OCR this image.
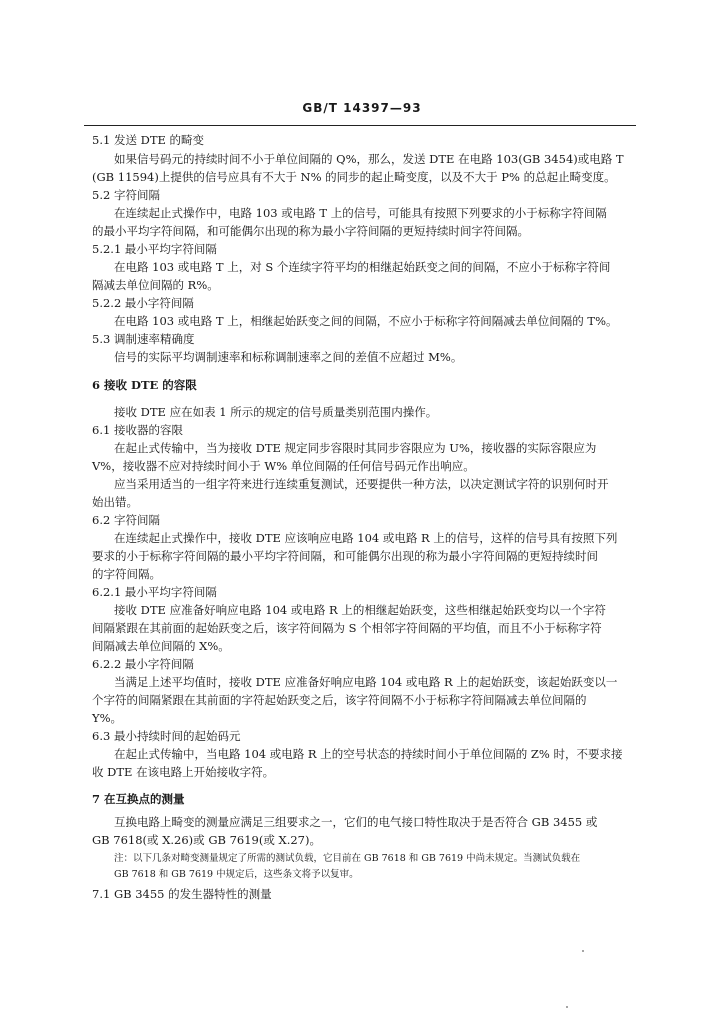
GB/T 14397—93
5.1 发送 DTE 的畸变
如果信号码元的持续时间不小于单位间隔的 Q%，那么，发送 DTE 在电路 103(GB 3454)或电路 T
(GB 11594)上提供的信号应具有不大于 N% 的同步的起止畸变度，以及不大于 P% 的总起止畸变度。
5.2 字符间隔
在连续起止式操作中，电路 103 或电路 T 上的信号，可能具有按照下列要求的小于标称字符间隔
的最小平均字符间隔，和可能偶尔出现的称为最小字符间隔的更短持续时间字符间隔。
5.2.1 最小平均字符间隔
在电路 103 或电路 T 上，对 S 个连续字符平均的相继起始跃变之间的间隔，不应小于标称字符间
隔减去单位间隔的 R%。
5.2.2 最小字符间隔
在电路 103 或电路 T 上，相继起始跃变之间的间隔，不应小于标称字符间隔减去单位间隔的 T%。
5.3 调制速率精确度
信号的实际平均调制速率和标称调制速率之间的差值不应超过 M%。
6 接收 DTE 的容限
接收 DTE 应在如表 1 所示的规定的信号质量类别范围内操作。
6.1 接收器的容限
在起止式传输中，当为接收 DTE 规定同步容限时其同步容限应为 U%，接收器的实际容限应为
V%，接收器不应对持续时间小于 W% 单位间隔的任何信号码元作出响应。
应当采用适当的一组字符来进行连续重复测试，还要提供一种方法，以决定测试字符的识别何时开
始出错。
6.2 字符间隔
在连续起止式操作中，接收 DTE 应该响应电路 104 或电路 R 上的信号，这样的信号具有按照下列
要求的小于标称字符间隔的最小平均字符间隔，和可能偶尔出现的称为最小字符间隔的更短持续时间
的字符间隔。
6.2.1 最小平均字符间隔
接收 DTE 应准备好响应电路 104 或电路 R 上的相继起始跃变，这些相继起始跃变均以一个字符
间隔紧跟在其前面的起始跃变之后，该字符间隔为 S 个相邻字符间隔的平均值，而且不小于标称字符
间隔减去单位间隔的 X%。
6.2.2 最小字符间隔
当满足上述平均值时，接收 DTE 应准备好响应电路 104 或电路 R 上的起始跃变，该起始跃变以一
个字符的间隔紧跟在其前面的字符起始跃变之后，该字符间隔不小于标称字符间隔减去单位间隔的
Y%。
6.3 最小持续时间的起始码元
在起止式传输中，当电路 104 或电路 R 上的空号状态的持续时间小于单位间隔的 Z% 时，不要求接
收 DTE 在该电路上开始接收字符。
7 在互换点的测量
互换电路上畸变的测量应满足三组要求之一，它们的电气接口特性取决于是否符合 GB 3455 或
GB 7618(或 X.26)或 GB 7619(或 X.27)。
注：以下几条对畸变测量规定了所需的测试负载，它目前在 GB 7618 和 GB 7619 中尚未规定。当测试负载在
GB 7618 和 GB 7619 中规定后，这些条文将予以复审。
7.1 GB 3455 的发生器特性的测量
